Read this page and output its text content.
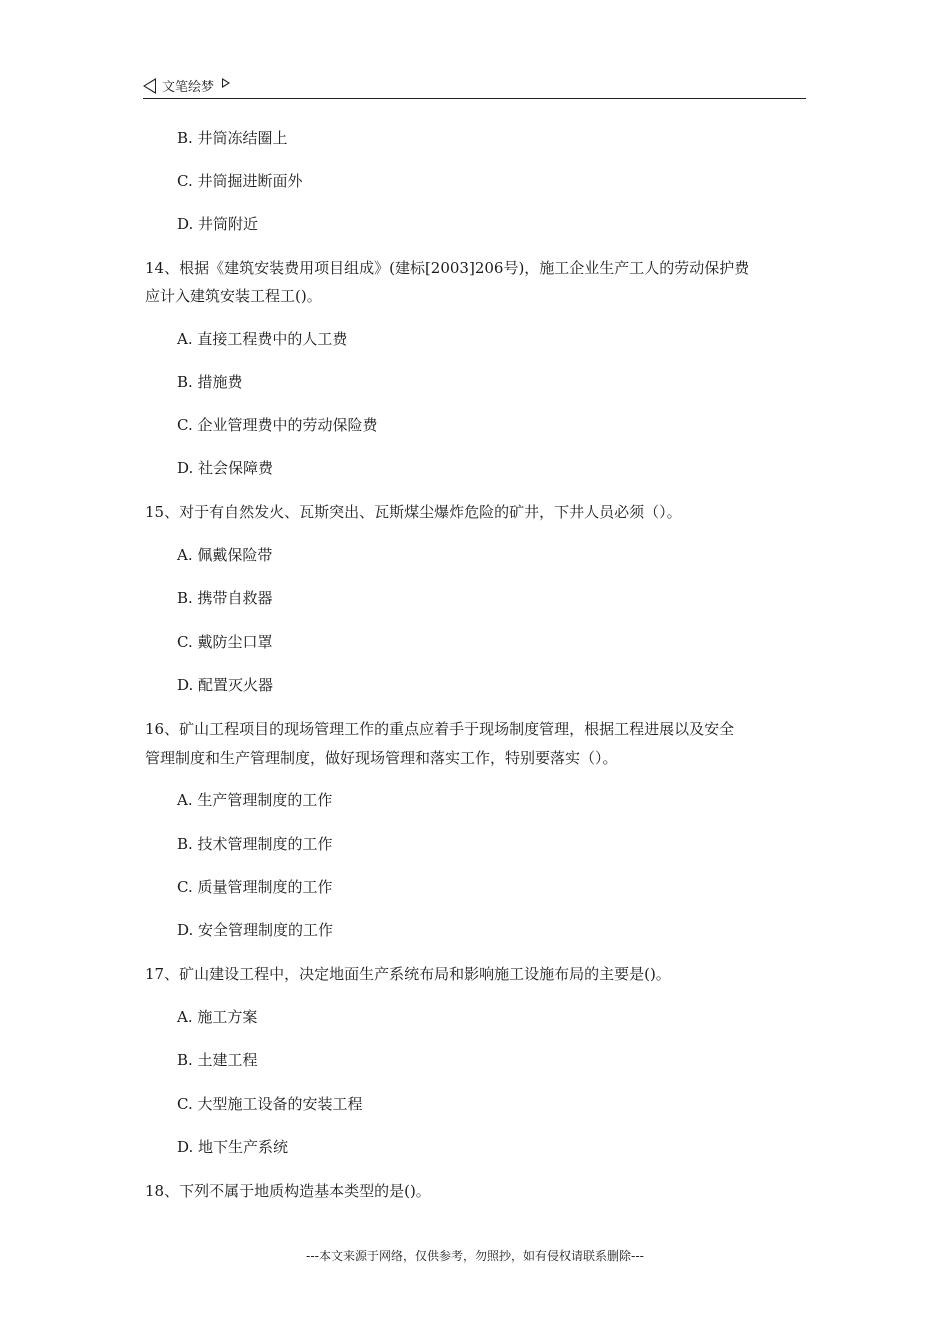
文笔绘梦
B. 井筒冻结圈上
C. 井筒掘进断面外
D. 井筒附近
14、根据《建筑安装费用项目组成》(建标[2003]206号)，施工企业生产工人的劳动保护费
应计入建筑安装工程工()。
A. 直接工程费中的人工费
B. 措施费
C. 企业管理费中的劳动保险费
D. 社会保障费
15、对于有自然发火、瓦斯突出、瓦斯煤尘爆炸危险的矿井，下井人员必须（）。
A. 佩戴保险带
B. 携带自救器
C. 戴防尘口罩
D. 配置灭火器
16、矿山工程项目的现场管理工作的重点应着手于现场制度管理，根据工程进展以及安全
管理制度和生产管理制度，做好现场管理和落实工作，特别要落实（）。
A. 生产管理制度的工作
B. 技术管理制度的工作
C. 质量管理制度的工作
D. 安全管理制度的工作
17、矿山建设工程中，决定地面生产系统布局和影响施工设施布局的主要是()。
A. 施工方案
B. 土建工程
C. 大型施工设备的安装工程
D. 地下生产系统
18、下列不属于地质构造基本类型的是()。
---本文来源于网络，仅供参考，勿照抄，如有侵权请联系删除---
